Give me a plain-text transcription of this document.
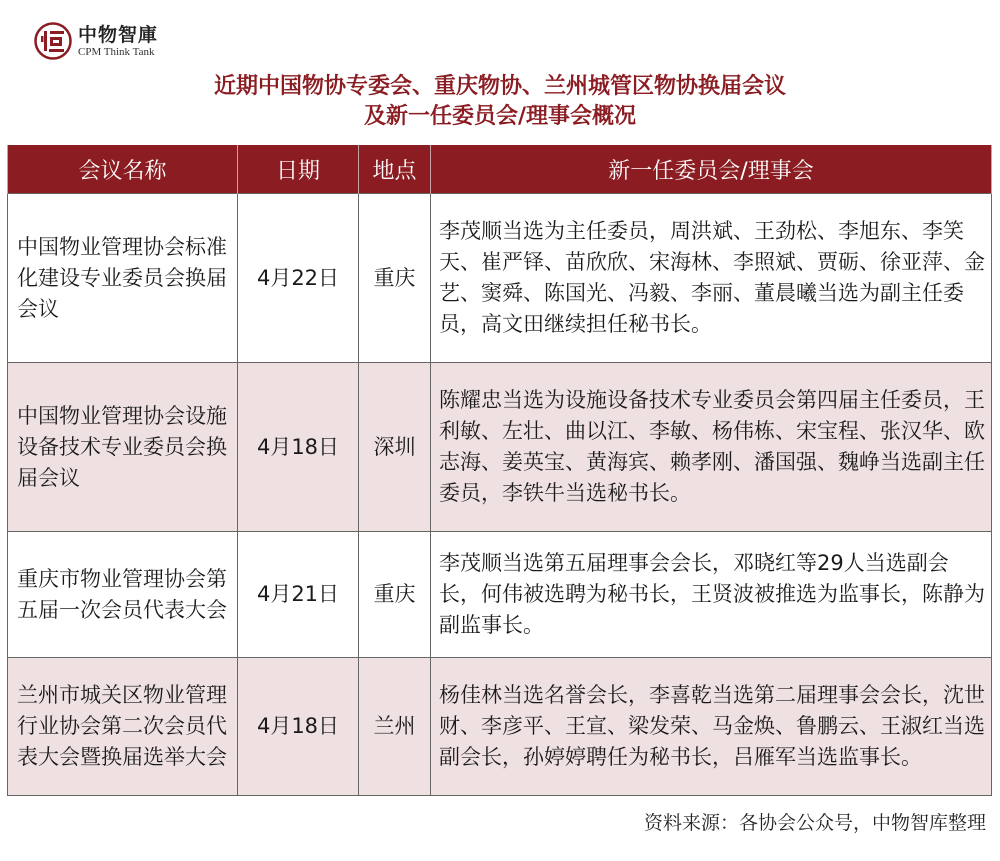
中物智庫
CPM Think Tank
近期中国物协专委会、重庆物协、兰州城管区物协换届会议
及新一任委员会/理事会概况
会议名称	日期	地点	新一任委员会/理事会
中国物业管理协会标准化建设专业委员会换届会议	4月22日	重庆	李茂顺当选为主任委员，周洪斌、王劲松、李旭东、李笑天、崔严铎、苗欣欣、宋海林、李照斌、贾砺、徐亚萍、金艺、窦舜、陈国光、冯毅、李丽、董晨曦当选为副主任委员，高文田继续担任秘书长。
中国物业管理协会设施设备技术专业委员会换届会议	4月18日	深圳	陈耀忠当选为设施设备技术专业委员会第四届主任委员，王利敏、左壮、曲以江、李敏、杨伟栋、宋宝程、张汉华、欧志海、姜英宝、黄海宾、赖孝刚、潘国强、魏峥当选副主任委员，李铁牛当选秘书长。
重庆市物业管理协会第五届一次会员代表大会	4月21日	重庆	李茂顺当选第五届理事会会长，邓晓红等29人当选副会长，何伟被选聘为秘书长，王贤波被推选为监事长，陈静为副监事长。
兰州市城关区物业管理行业协会第二次会员代表大会暨换届选举大会	4月18日	兰州	杨佳林当选名誉会长，李喜乾当选第二届理事会会长，沈世财、李彦平、王宣、梁发荣、马金焕、鲁鹏云、王淑红当选副会长，孙婷婷聘任为秘书长，吕雁军当选监事长。
资料来源：各协会公众号，中物智库整理
